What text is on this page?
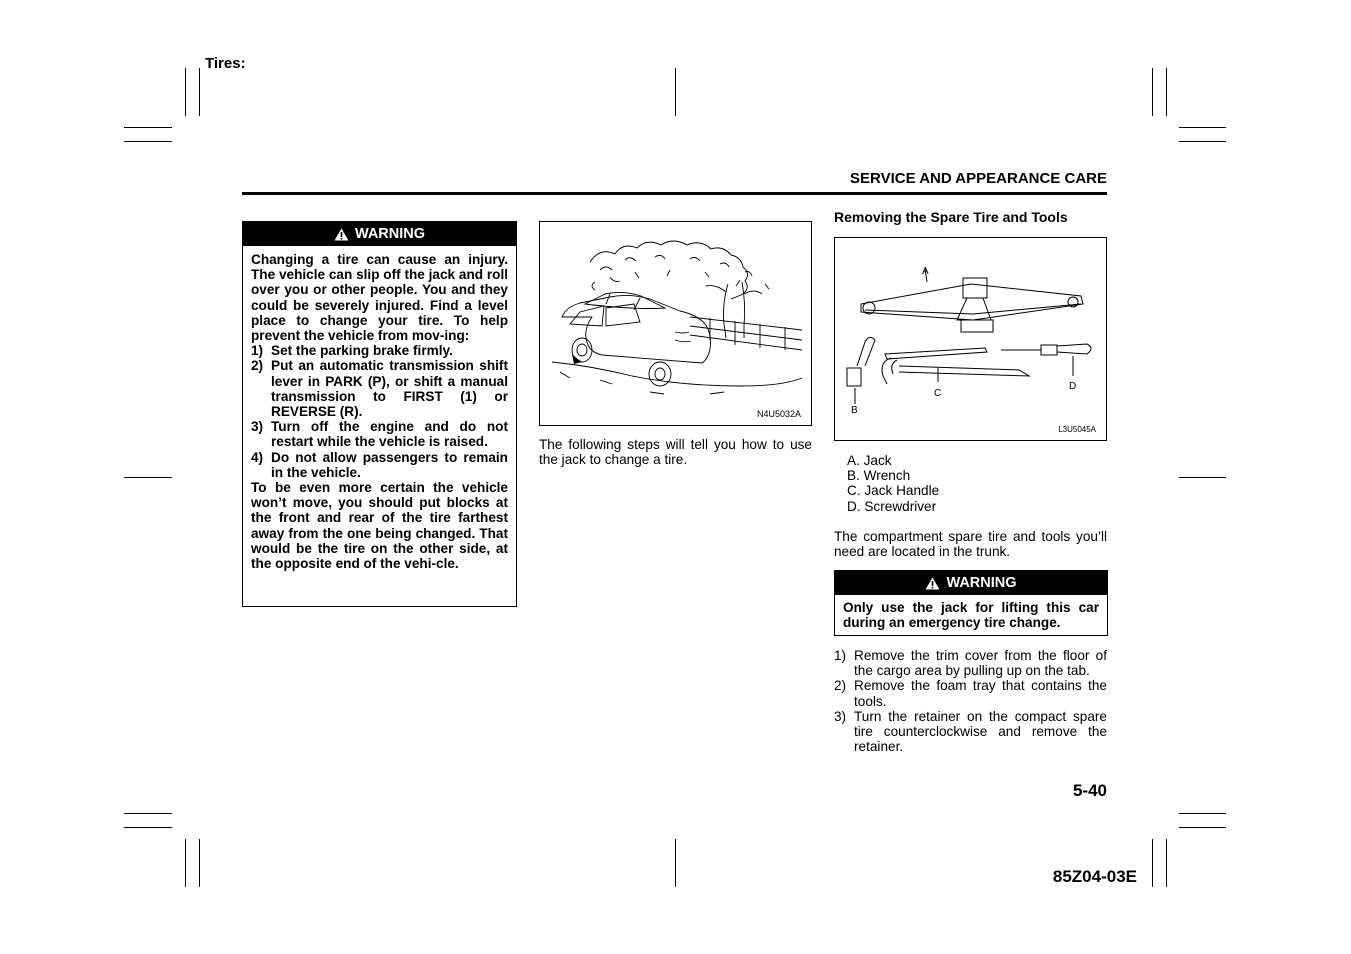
Tires:
SERVICE AND APPEARANCE CARE
WARNING

Changing a tire can cause an injury. The vehicle can slip off the jack and roll over you or other people. You and they could be severely injured. Find a level place to change your tire. To help prevent the vehicle from mov-ing:

1) Set the parking brake firmly.
2) Put an automatic transmission shift lever in PARK (P), or shift a manual transmission to FIRST (1) or REVERSE (R).
3) Turn off the engine and do not restart while the vehicle is raised.
4) Do not allow passengers to remain in the vehicle.

To be even more certain the vehicle won’t move, you should put blocks at the front and rear of the tire farthest away from the one being changed. That would be the tire on the other side, at the opposite end of the vehi-cle.

N4U5032A
The following steps will tell you how to use the jack to change a tire.
Removing the Spare Tire and Tools
A
B
C
D
L3U5045A
A. Jack
B. Wrench
C. Jack Handle
D. Screwdriver
The compartment spare tire and tools you’ll need are located in the trunk.
WARNING
Only use the jack for lifting this car during an emergency tire change.
1) Remove the trim cover from the floor of the cargo area by pulling up on the tab.
2) Remove the foam tray that contains the tools.
3) Turn the retainer on the compact spare tire counterclockwise and remove the retainer.
5-40
85Z04-03E
